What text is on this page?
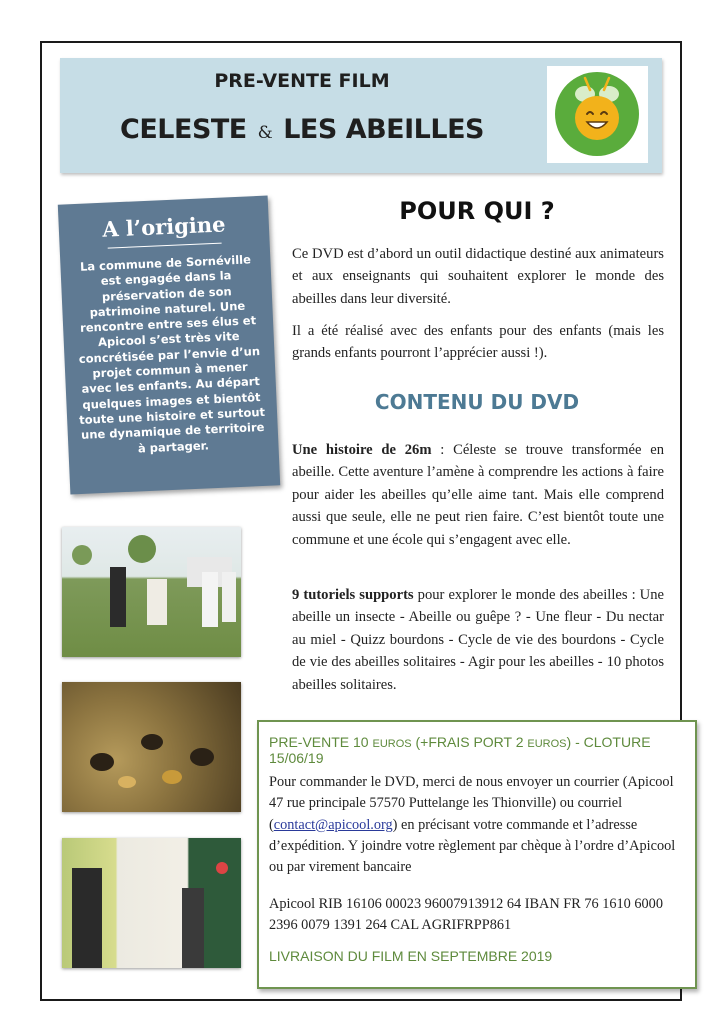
PRE-VENTE FILM
CELESTE & LES ABEILLES
A l’origine

La commune de Sornéville est engagée dans la préservation de son patrimoine naturel. Une rencontre entre ses élus et Apicool s’est très vite concrétisée par l’envie d’un projet commun à mener avec les enfants. Au départ quelques images et bientôt toute une histoire et surtout une dynamique de territoire à partager.

POUR QUI ?

Ce DVD est d’abord un outil didactique destiné aux animateurs et aux enseignants qui souhaitent explorer le monde des abeilles dans leur diversité.

Il a été réalisé avec des enfants pour des enfants (mais les grands enfants pourront l’apprécier aussi !).

CONTENU DU DVD

Une histoire de 26m : Céleste se trouve transformée en abeille. Cette aventure l’amène à comprendre les actions à faire pour aider les abeilles qu’elle aime tant. Mais elle comprend aussi que seule, elle ne peut rien faire. C’est bientôt toute une commune et une école qui s’engagent avec elle.

9 tutoriels supports pour explorer le monde des abeilles : Une abeille un insecte - Abeille ou guêpe ? - Une fleur - Du nectar au miel - Quizz bourdons - Cycle de vie des bourdons - Cycle de vie des abeilles solitaires - Agir pour les abeilles - 10 photos abeilles solitaires.

PRE-VENTE 10 EUROS (+FRAIS PORT 2 EUROS) - CLOTURE 15/06/19

Pour commander le DVD, merci de nous envoyer un courrier (Apicool 47 rue principale 57570 Puttelange les Thionville) ou courriel (contact@apicool.org) en précisant votre commande et l’adresse d’expédition. Y joindre votre règlement par chèque à l’ordre d’Apicool ou par virement bancaire

Apicool RIB 16106 00023 96007913912 64 IBAN FR 76 1610 6000 2396 0079 1391 264 CAL AGRIFRPP861

LIVRAISON DU FILM EN SEPTEMBRE 2019
